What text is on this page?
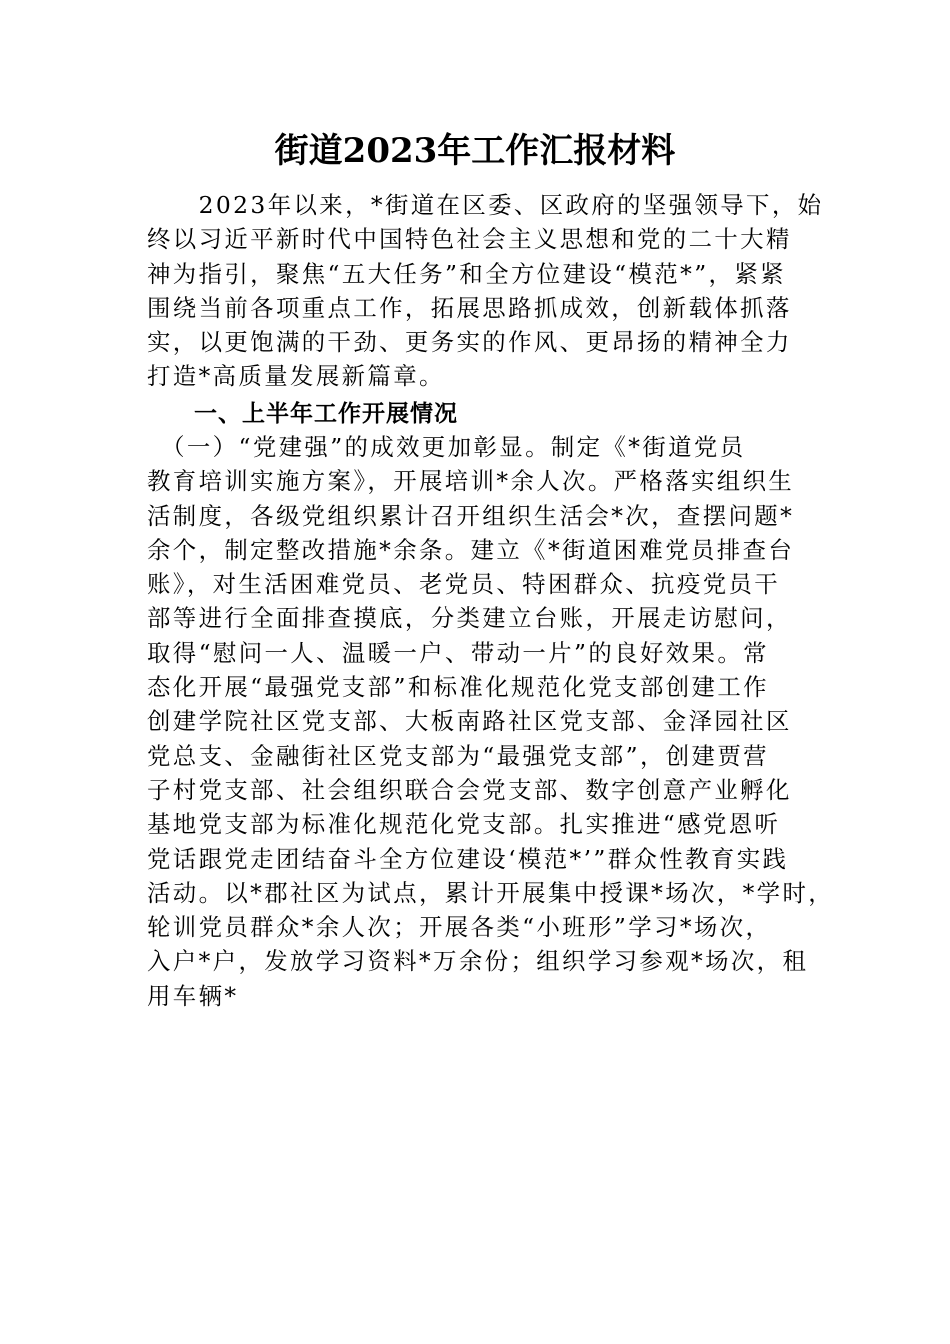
街道2023年工作汇报材料
　　2023年以来，*街道在区委、区政府的坚强领导下，始
终以习近平新时代中国特色社会主义思想和党的二十大精
神为指引，聚焦“五大任务”和全方位建设“模范*”，紧紧
围绕当前各项重点工作，拓展思路抓成效，创新载体抓落
实，以更饱满的干劲、更务实的作风、更昂扬的精神全力
打造*高质量发展新篇章。
一、上半年工作开展情况
　（一）“党建强”的成效更加彰显。制定《*街道党员
教育培训实施方案》，开展培训*余人次。严格落实组织生
活制度，各级党组织累计召开组织生活会*次，查摆问题*
余个，制定整改措施*余条。建立《*街道困难党员排查台
账》，对生活困难党员、老党员、特困群众、抗疫党员干
部等进行全面排查摸底，分类建立台账，开展走访慰问，
取得“慰问一人、温暖一户、带动一片”的良好效果。常
态化开展“最强党支部”和标准化规范化党支部创建工作
创建学院社区党支部、大板南路社区党支部、金泽园社区
党总支、金融街社区党支部为“最强党支部”，创建贾营
子村党支部、社会组织联合会党支部、数字创意产业孵化
基地党支部为标准化规范化党支部。扎实推进“感党恩听
党话跟党走团结奋斗全方位建设‘模范*’”群众性教育实践
活动。以*郡社区为试点，累计开展集中授课*场次，*学时，
轮训党员群众*余人次；开展各类“小班形”学习*场次，
入户*户，发放学习资料*万余份；组织学习参观*场次，租
用车辆*
